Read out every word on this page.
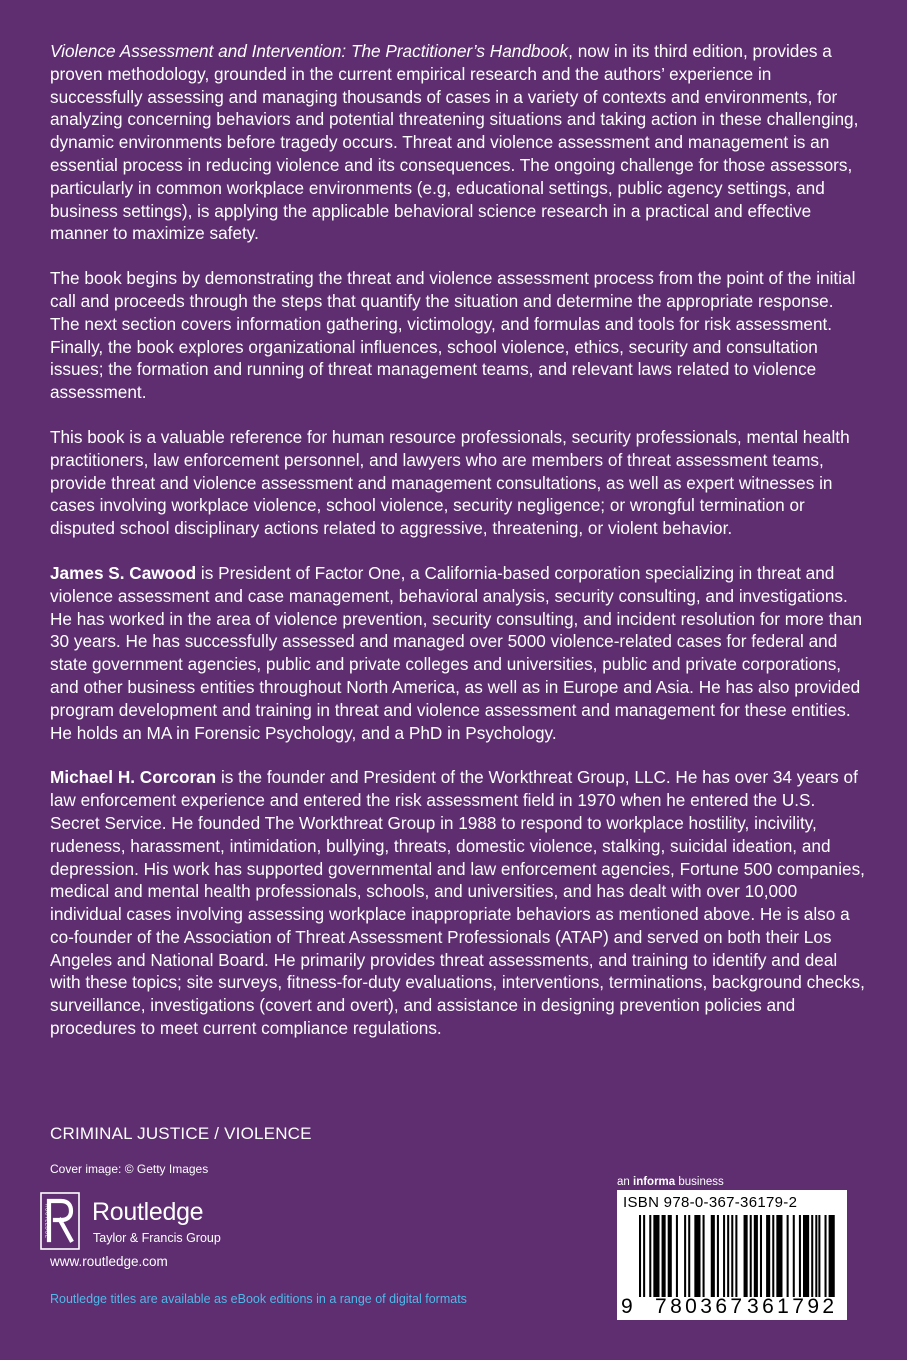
Violence Assessment and Intervention: The Practitioner’s Handbook, now in its third edition, provides a proven methodology, grounded in the current empirical research and the authors’ experience in successfully assessing and managing thousands of cases in a variety of contexts and environments, for analyzing concerning behaviors and potential threatening situations and taking action in these challenging, dynamic environments before tragedy occurs. Threat and violence assessment and management is an essential process in reducing violence and its consequences. The ongoing challenge for those assessors, particularly in common workplace environments (e.g, educational settings, public agency settings, and business settings), is applying the applicable behavioral science research in a practical and effective manner to maximize safety.

The book begins by demonstrating the threat and violence assessment process from the point of the initial call and proceeds through the steps that quantify the situation and determine the appropriate response. The next section covers information gathering, victimology, and formulas and tools for risk assessment. Finally, the book explores organizational influences, school violence, ethics, security and consultation issues; the formation and running of threat management teams, and relevant laws related to violence assessment.

This book is a valuable reference for human resource professionals, security professionals, mental health practitioners, law enforcement personnel, and lawyers who are members of threat assessment teams, provide threat and violence assessment and management consultations, as well as expert witnesses in cases involving workplace violence, school violence, security negligence; or wrongful termination or disputed school disciplinary actions related to aggressive, threatening, or violent behavior.

James S. Cawood is President of Factor One, a California-based corporation specializing in threat and violence assessment and case management, behavioral analysis, security consulting, and investigations. He has worked in the area of violence prevention, security consulting, and incident resolution for more than 30 years. He has successfully assessed and managed over 5000 violence-related cases for federal and state government agencies, public and private colleges and universities, public and private corporations, and other business entities throughout North America, as well as in Europe and Asia. He has also provided program development and training in threat and violence assessment and management for these entities. He holds an MA in Forensic Psychology, and a PhD in Psychology.

Michael H. Corcoran is the founder and President of the Workthreat Group, LLC. He has over 34 years of law enforcement experience and entered the risk assessment field in 1970 when he entered the U.S. Secret Service. He founded The Workthreat Group in 1988 to respond to workplace hostility, incivility, rudeness, harassment, intimidation, bullying, threats, domestic violence, stalking, suicidal ideation, and depression. His work has supported governmental and law enforcement agencies, Fortune 500 companies, medical and mental health professionals, schools, and universities, and has dealt with over 10,000 individual cases involving assessing workplace inappropriate behaviors as mentioned above. He is also a co-founder of the Association of Threat Assessment Professionals (ATAP) and served on both their Los Angeles and National Board. He primarily provides threat assessments, and training to identify and deal with these topics; site surveys, fitness-for-duty evaluations, interventions, terminations, background checks, surveillance, investigations (covert and overt), and assistance in designing prevention policies and procedures to meet current compliance regulations.

CRIMINAL JUSTICE / VIOLENCE
Cover image: © Getty Images
ROUTLEDGE Routledge
Taylor & Francis Group
www.routledge.com
Routledge titles are available as eBook editions in a range of digital formats
an informa business
ISBN 978-0-367-36179-2
9 780367 361792
